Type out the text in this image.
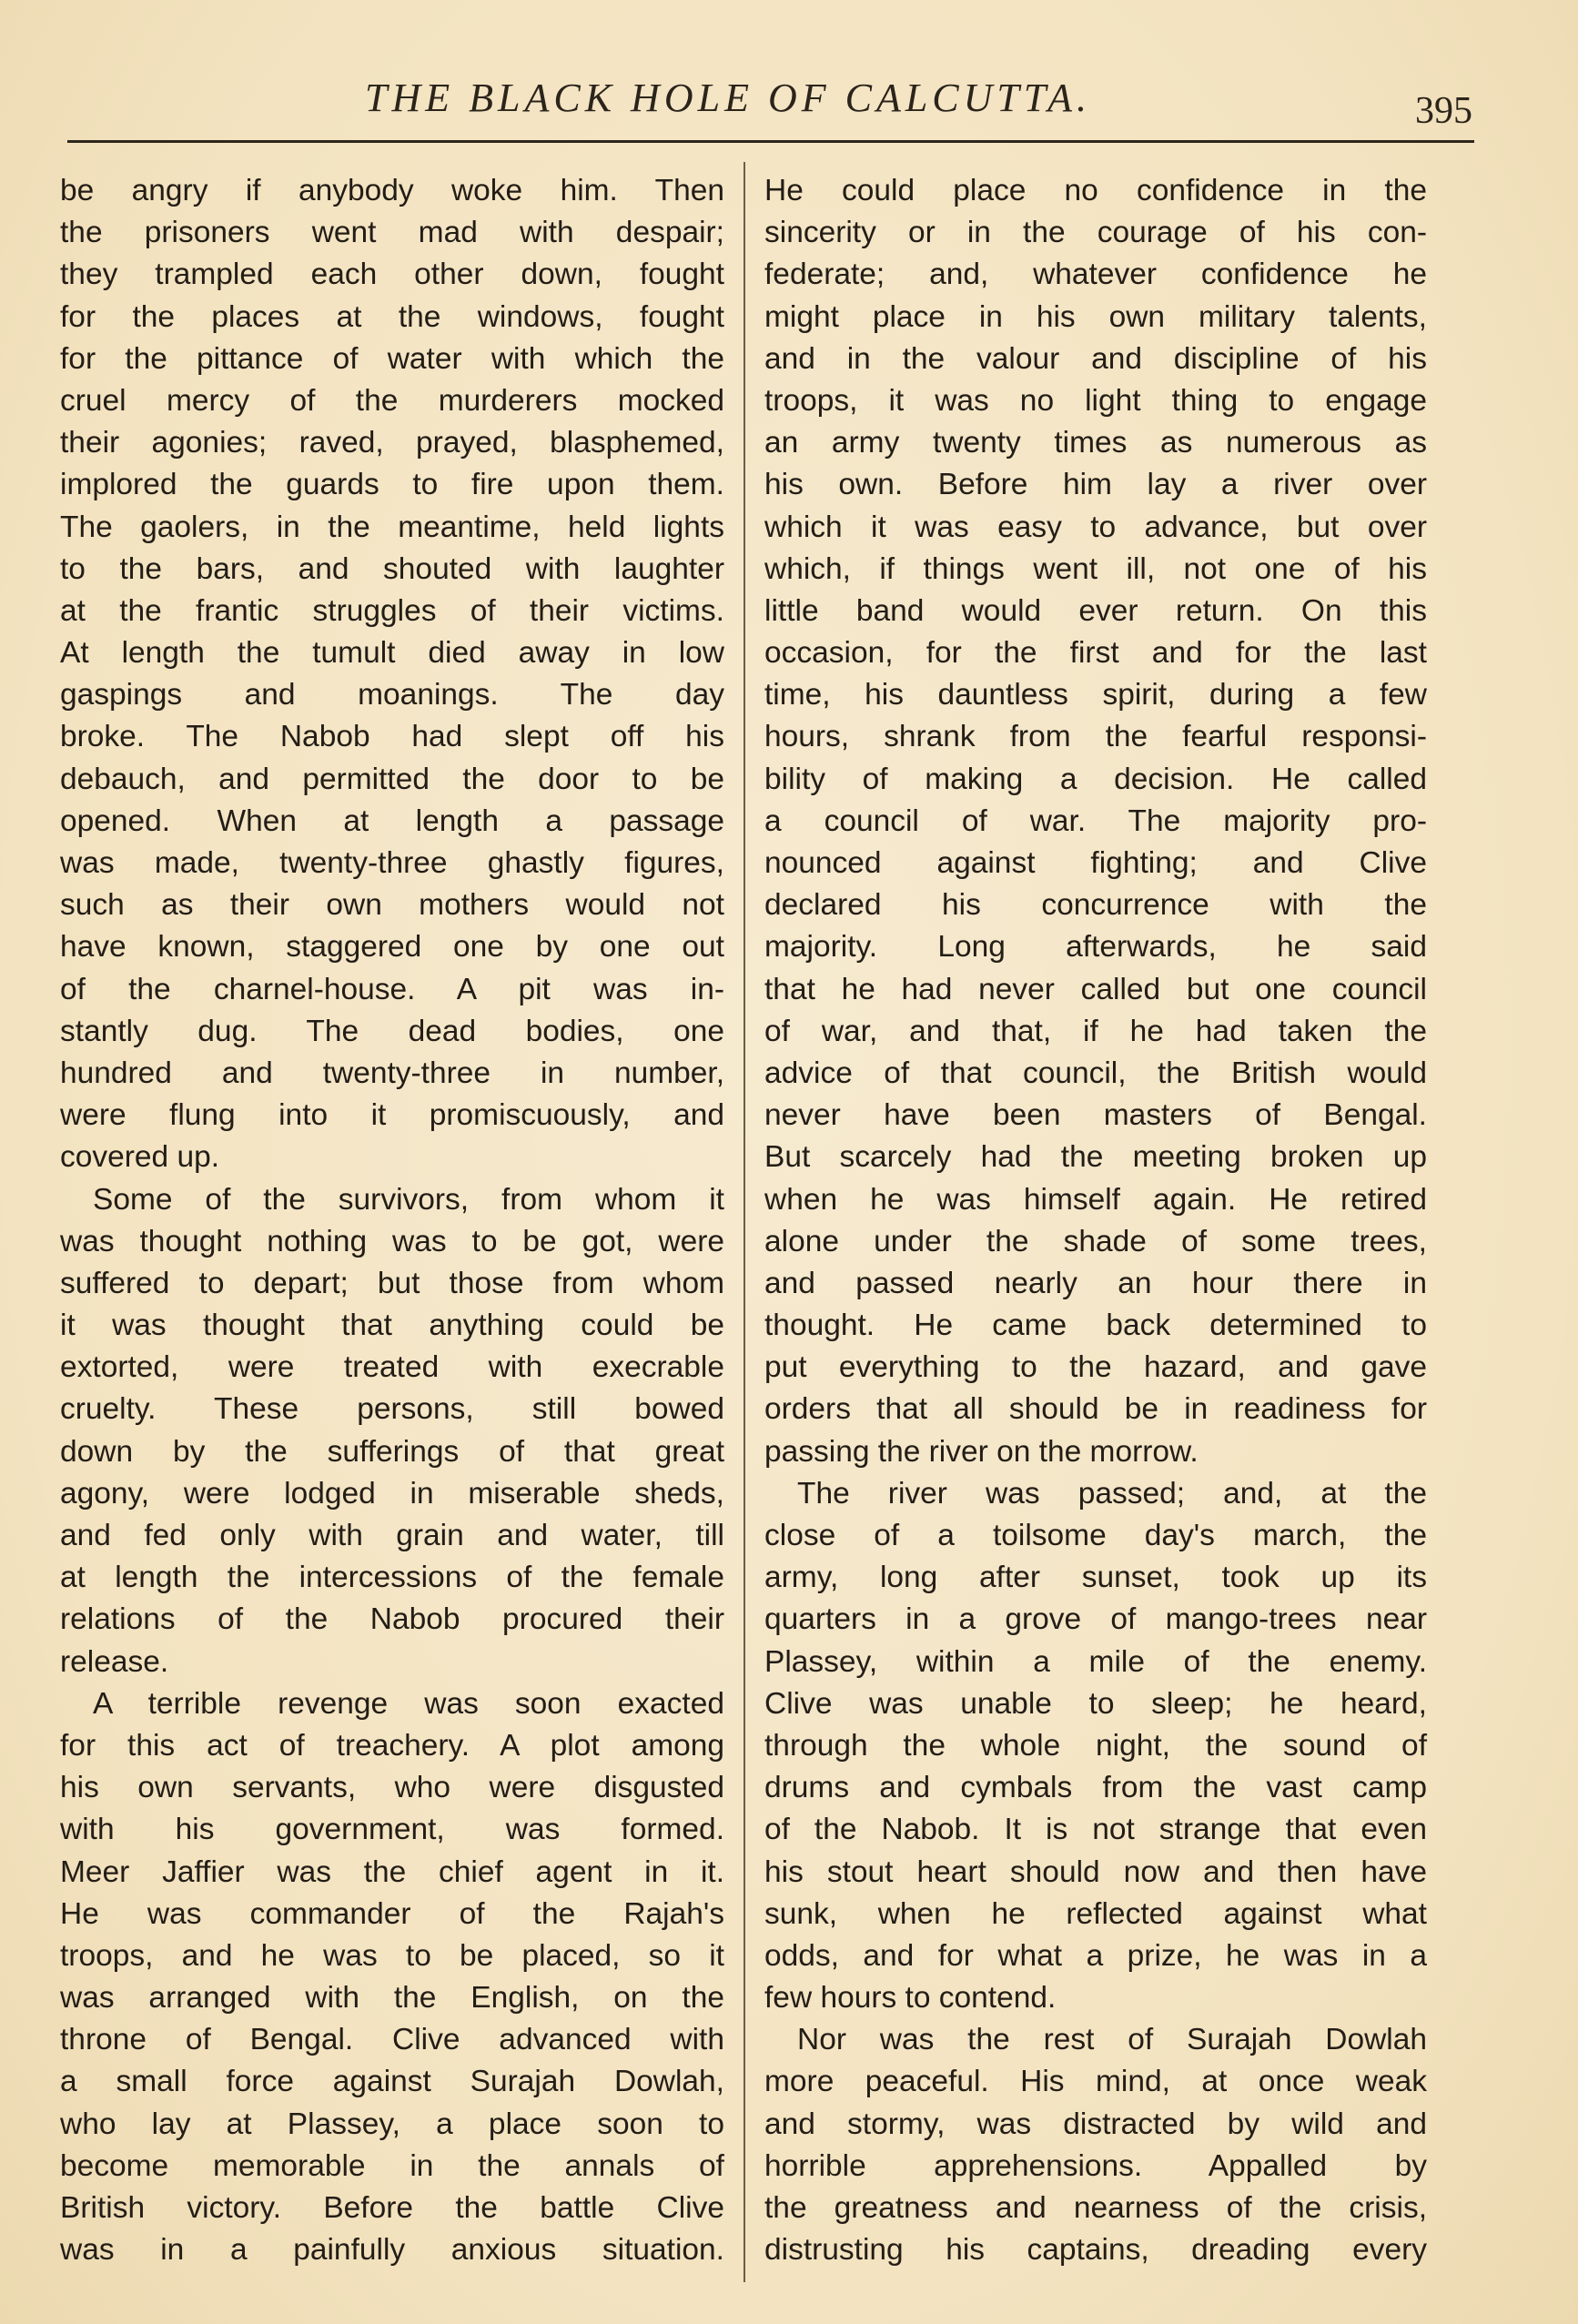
THE BLACK HOLE OF CALCUTTA.	395
be angry if anybody woke him. Then
the prisoners went mad with despair;
they trampled each other down, fought
for the places at the windows, fought
for the pittance of water with which the
cruel mercy of the murderers mocked
their agonies; raved, prayed, blasphemed,
implored the guards to fire upon them.
The gaolers, in the meantime, held lights
to the bars, and shouted with laughter
at the frantic struggles of their victims.
At length the tumult died away in low
gaspings and moanings. The day
broke. The Nabob had slept off his
debauch, and permitted the door to be
opened. When at length a passage
was made, twenty-three ghastly figures,
such as their own mothers would not
have known, staggered one by one out
of the charnel-house. A pit was in-
stantly dug. The dead bodies, one
hundred and twenty-three in number,
were flung into it promiscuously, and
covered up.
Some of the survivors, from whom it
was thought nothing was to be got, were
suffered to depart; but those from whom
it was thought that anything could be
extorted, were treated with execrable
cruelty. These persons, still bowed
down by the sufferings of that great
agony, were lodged in miserable sheds,
and fed only with grain and water, till
at length the intercessions of the female
relations of the Nabob procured their
release.
A terrible revenge was soon exacted
for this act of treachery. A plot among
his own servants, who were disgusted
with his government, was formed.
Meer Jaffier was the chief agent in it.
He was commander of the Rajah's
troops, and he was to be placed, so it
was arranged with the English, on the
throne of Bengal. Clive advanced with
a small force against Surajah Dowlah,
who lay at Plassey, a place soon to
become memorable in the annals of
British victory. Before the battle Clive
was in a painfully anxious situation.
He could place no confidence in the
sincerity or in the courage of his con-
federate; and, whatever confidence he
might place in his own military talents,
and in the valour and discipline of his
troops, it was no light thing to engage
an army twenty times as numerous as
his own. Before him lay a river over
which it was easy to advance, but over
which, if things went ill, not one of his
little band would ever return. On this
occasion, for the first and for the last
time, his dauntless spirit, during a few
hours, shrank from the fearful responsi-
bility of making a decision. He called
a council of war. The majority pro-
nounced against fighting; and Clive
declared his concurrence with the
majority. Long afterwards, he said
that he had never called but one council
of war, and that, if he had taken the
advice of that council, the British would
never have been masters of Bengal.
But scarcely had the meeting broken up
when he was himself again. He retired
alone under the shade of some trees,
and passed nearly an hour there in
thought. He came back determined to
put everything to the hazard, and gave
orders that all should be in readiness for
passing the river on the morrow.
The river was passed; and, at the
close of a toilsome day's march, the
army, long after sunset, took up its
quarters in a grove of mango-trees near
Plassey, within a mile of the enemy.
Clive was unable to sleep; he heard,
through the whole night, the sound of
drums and cymbals from the vast camp
of the Nabob. It is not strange that even
his stout heart should now and then have
sunk, when he reflected against what
odds, and for what a prize, he was in a
few hours to contend.
Nor was the rest of Surajah Dowlah
more peaceful. His mind, at once weak
and stormy, was distracted by wild and
horrible apprehensions. Appalled by
the greatness and nearness of the crisis,
distrusting his captains, dreading every
